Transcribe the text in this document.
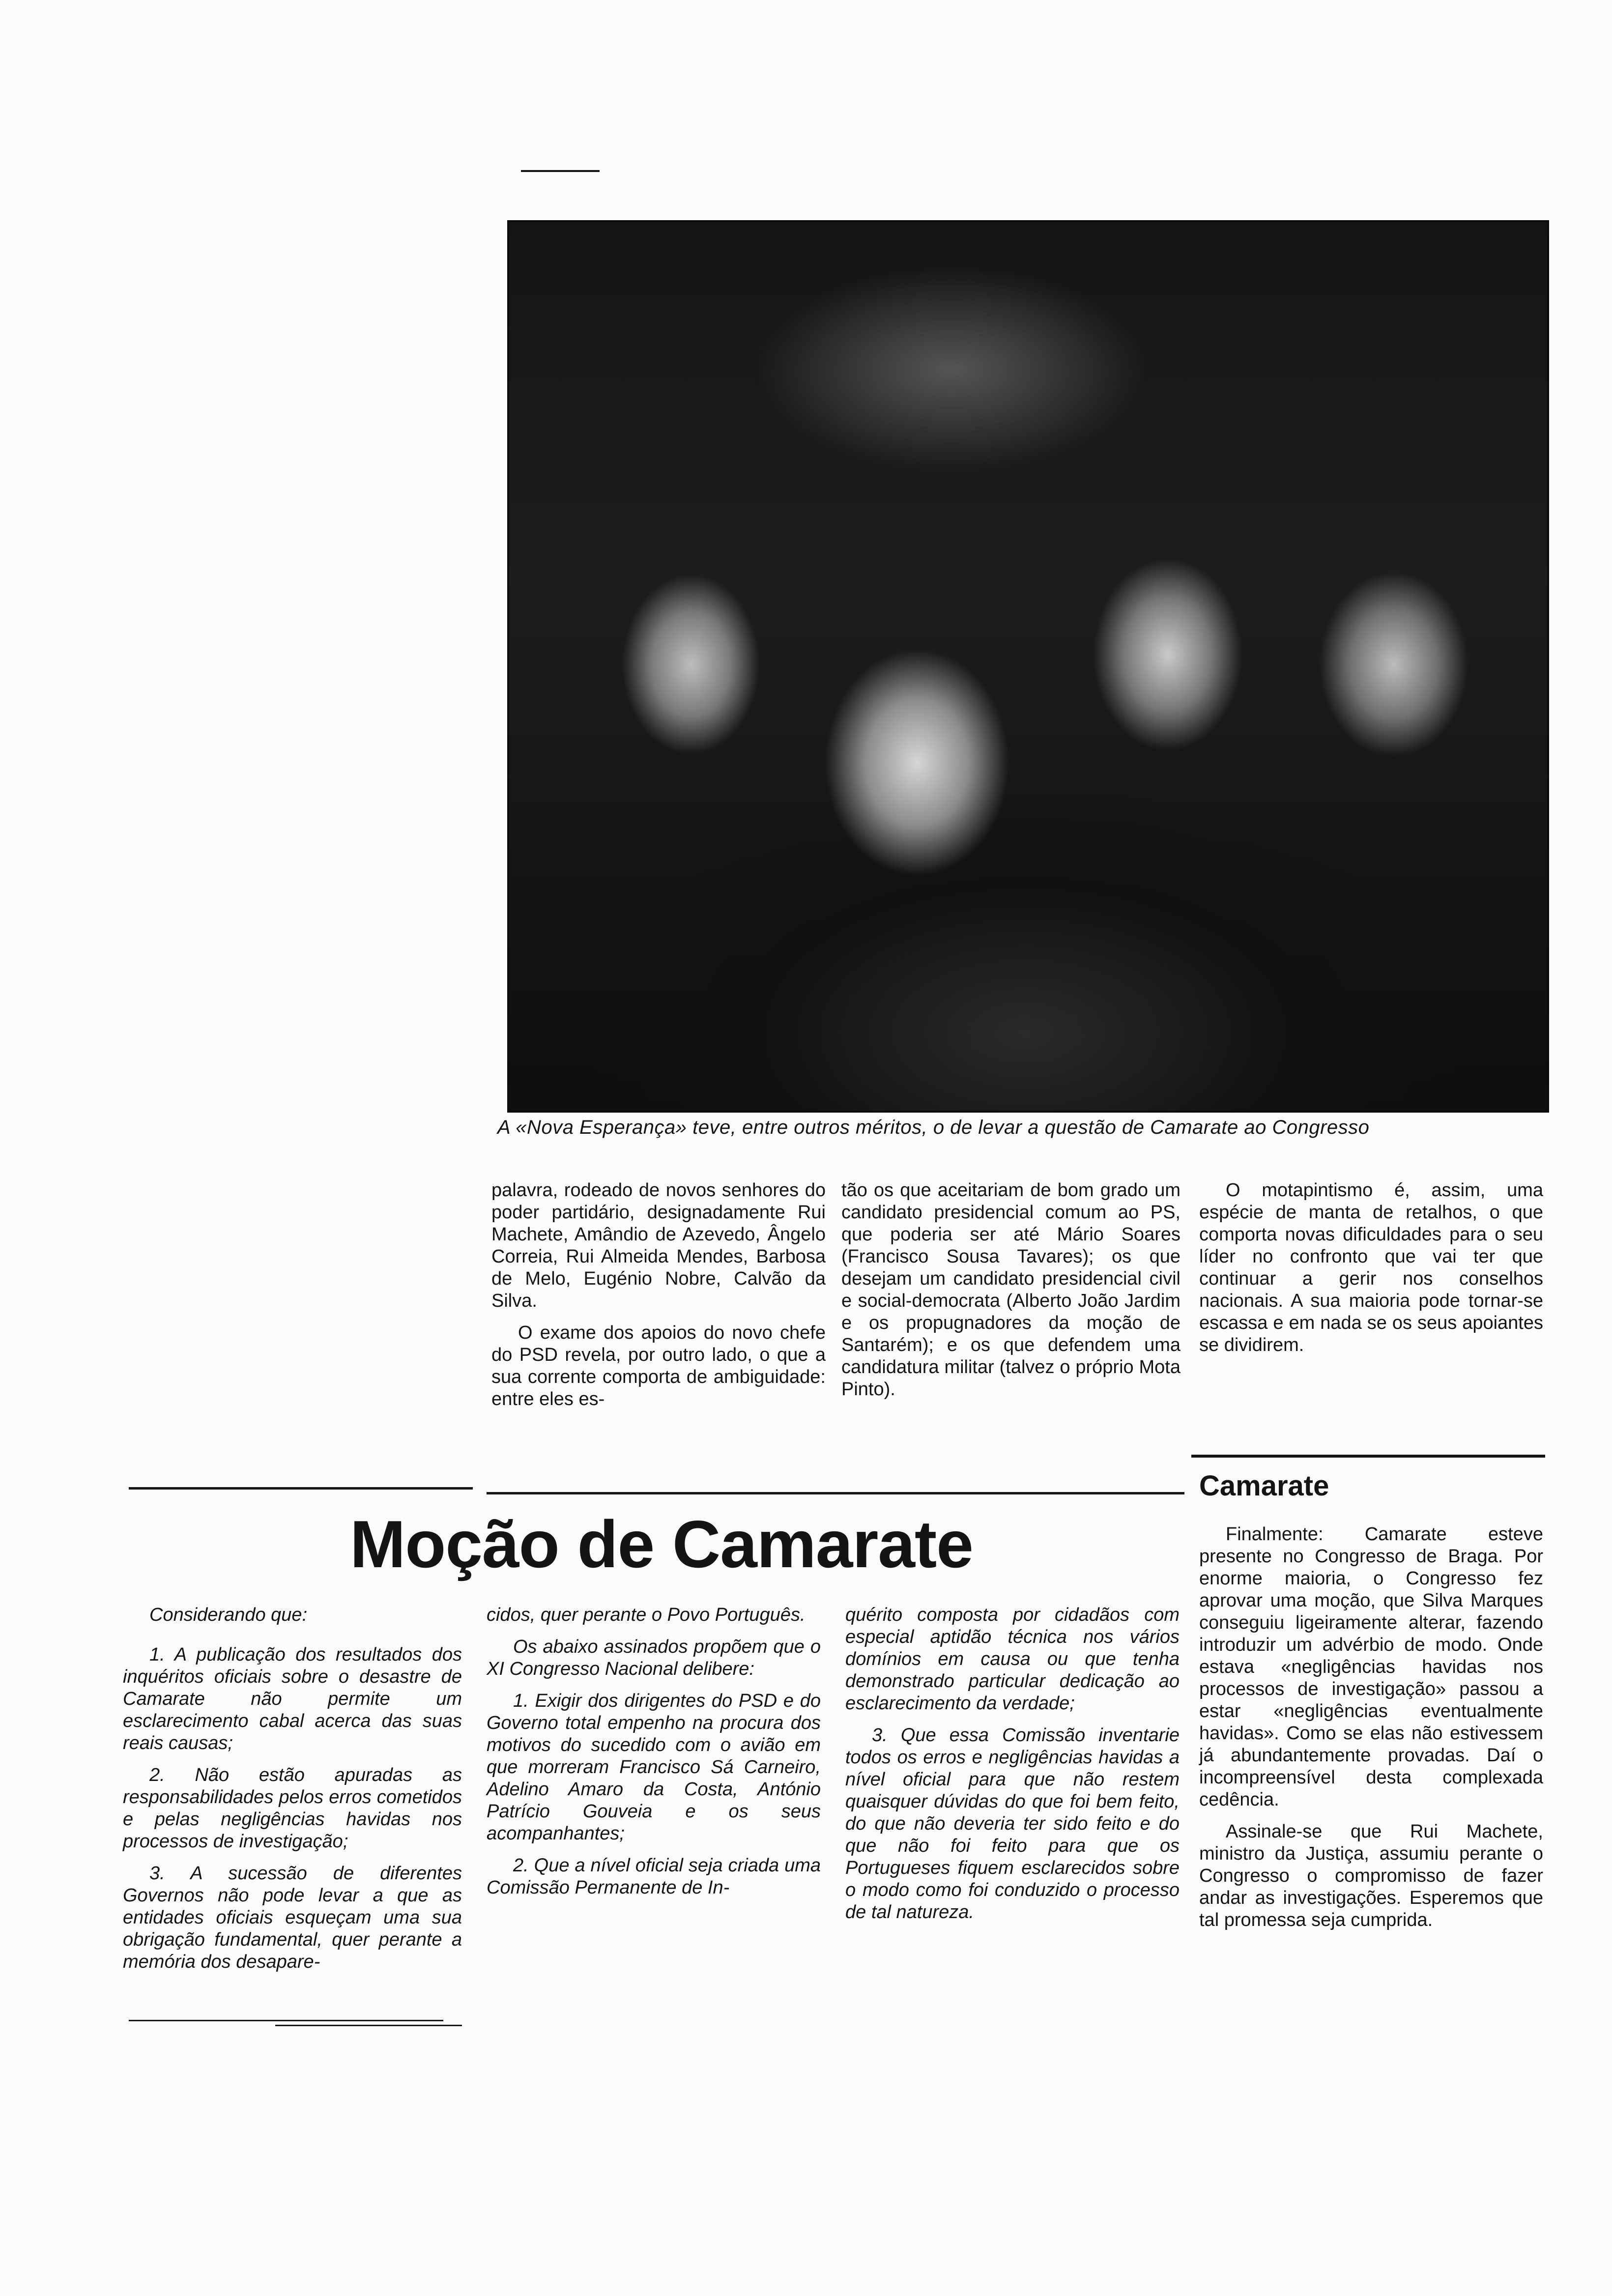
A «Nova Esperança» teve, entre outros méritos, o de levar a questão de Camarate ao Congresso

palavra, rodeado de novos senhores do poder partidário, designadamente Rui Machete, Amândio de Azevedo, Ângelo Correia, Rui Almeida Mendes, Barbosa de Melo, Eugénio Nobre, Calvão da Silva.

O exame dos apoios do novo chefe do PSD revela, por outro lado, o que a sua corrente comporta de ambiguidade: entre eles es-

tão os que aceitariam de bom grado um candidato presidencial comum ao PS, que poderia ser até Mário Soares (Francisco Sousa Tavares); os que desejam um candidato presidencial civil e social-democrata (Alberto João Jardim e os propugnadores da moção de Santarém); e os que defendem uma candidatura militar (talvez o próprio Mota Pinto).

O motapintismo é, assim, uma espécie de manta de retalhos, o que comporta novas dificuldades para o seu líder no confronto que vai ter que continuar a gerir nos conselhos nacionais. A sua maioria pode tornar-se escassa e em nada se os seus apoiantes se dividirem.

Moção de Camarate

Considerando que:

1. A publicação dos resultados dos inquéritos oficiais sobre o desastre de Camarate não permite um esclarecimento cabal acerca das suas reais causas;

2. Não estão apuradas as responsabilidades pelos erros cometidos e pelas negligências havidas nos processos de investigação;

3. A sucessão de diferentes Governos não pode levar a que as entidades oficiais esqueçam uma sua obrigação fundamental, quer perante a memória dos desapare-

cidos, quer perante o Povo Português.

Os abaixo assinados propõem que o XI Congresso Nacional delibere:

1. Exigir dos dirigentes do PSD e do Governo total empenho na procura dos motivos do sucedido com o avião em que morreram Francisco Sá Carneiro, Adelino Amaro da Costa, António Patrício Gouveia e os seus acompanhantes;

2. Que a nível oficial seja criada uma Comissão Permanente de In-

quérito composta por cidadãos com especial aptidão técnica nos vários domínios em causa ou que tenha demonstrado particular dedicação ao esclarecimento da verdade;

3. Que essa Comissão inventarie todos os erros e negligências havidas a nível oficial para que não restem quaisquer dúvidas do que foi bem feito, do que não deveria ter sido feito e do que não foi feito para que os Portugueses fiquem esclarecidos sobre o modo como foi conduzido o processo de tal natureza.

Camarate

Finalmente: Camarate esteve presente no Congresso de Braga. Por enorme maioria, o Congresso fez aprovar uma moção, que Silva Marques conseguiu ligeiramente alterar, fazendo introduzir um advérbio de modo. Onde estava «negligências havidas nos processos de investigação» passou a estar «negligências eventualmente havidas». Como se elas não estivessem já abundantemente provadas. Daí o incompreensível desta complexada cedência.

Assinale-se que Rui Machete, ministro da Justiça, assumiu perante o Congresso o compromisso de fazer andar as investigações. Esperemos que tal promessa seja cumprida.
